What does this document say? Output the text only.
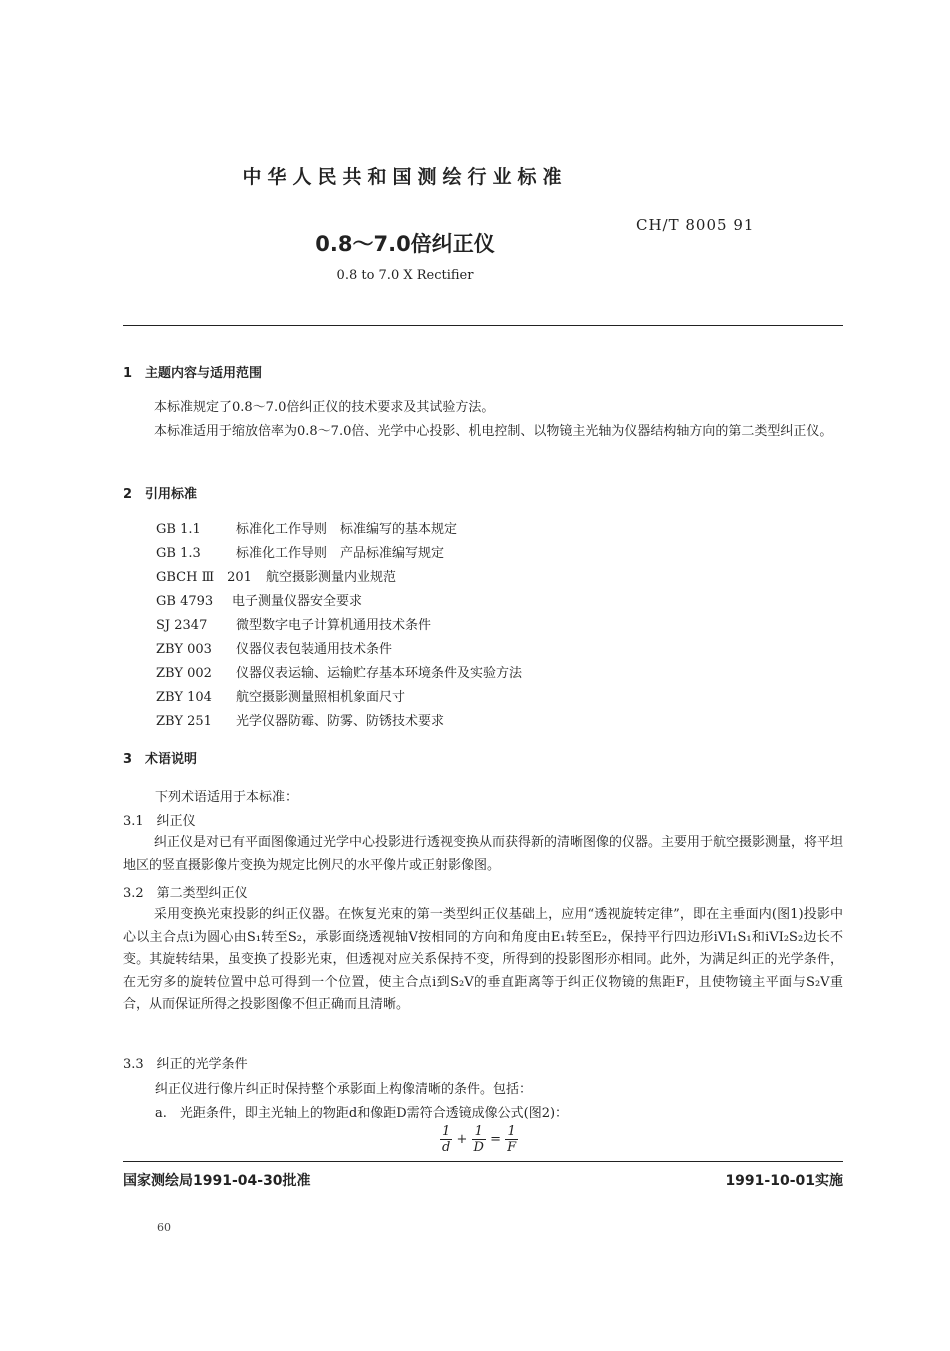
中华人民共和国测绘行业标准
CH/T 8005 91
0.8～7.0倍纠正仪
0.8 to 7.0 X Rectifier
1　主题内容与适用范围
本标准规定了0.8～7.0倍纠正仪的技术要求及其试验方法。
本标准适用于缩放倍率为0.8～7.0倍、光学中心投影、机电控制、以物镜主光轴为仪器结构轴方向的第二类型纠正仪。
2　引用标准
GB 1.1	标准化工作导则　标准编写的基本规定
GB 1.3	标准化工作导则　产品标准编写规定
GBCH Ⅲ　201 航空摄影测量内业规范
GB 4793 电子测量仪器安全要求
SJ 2347 微型数字电子计算机通用技术条件
ZBY 003 仪器仪表包装通用技术条件
ZBY 002 仪器仪表运输、运输贮存基本环境条件及实验方法
ZBY 104 航空摄影测量照相机象面尺寸
ZBY 251 光学仪器防霉、防雾、防锈技术要求
3　术语说明
下列术语适用于本标准：
3.1　纠正仪
纠正仪是对已有平面图像通过光学中心投影进行透视变换从而获得新的清晰图像的仪器。主要用于航空摄影测量，将平坦地区的竖直摄影像片变换为规定比例尺的水平像片或正射影像图。
3.2　第二类型纠正仪
采用变换光束投影的纠正仪器。在恢复光束的第一类型纠正仪基础上，应用“透视旋转定律”，即在主垂面内(图1)投影中心以主合点i为圆心由S₁转至S₂，承影面绕透视轴V按相同的方向和角度由E₁转至E₂，保持平行四边形iVI₁S₁和iVI₂S₂边长不变。其旋转结果，虽变换了投影光束，但透视对应关系保持不变，所得到的投影图形亦相同。此外，为满足纠正的光学条件，在无穷多的旋转位置中总可得到一个位置，使主合点i到S₂V的垂直距离等于纠正仪物镜的焦距F，且使物镜主平面与S₂V重合，从而保证所得之投影图像不但正确而且清晰。
3.3　纠正的光学条件
纠正仪进行像片纠正时保持整个承影面上构像清晰的条件。包括：
a.　光距条件，即主光轴上的物距d和像距D需符合透镜成像公式(图2)：
$\frac{1}{d} + \frac{1}{D} = \frac{1}{F}$
国家测绘局1991-04-30批准	1991-10-01实施
60
